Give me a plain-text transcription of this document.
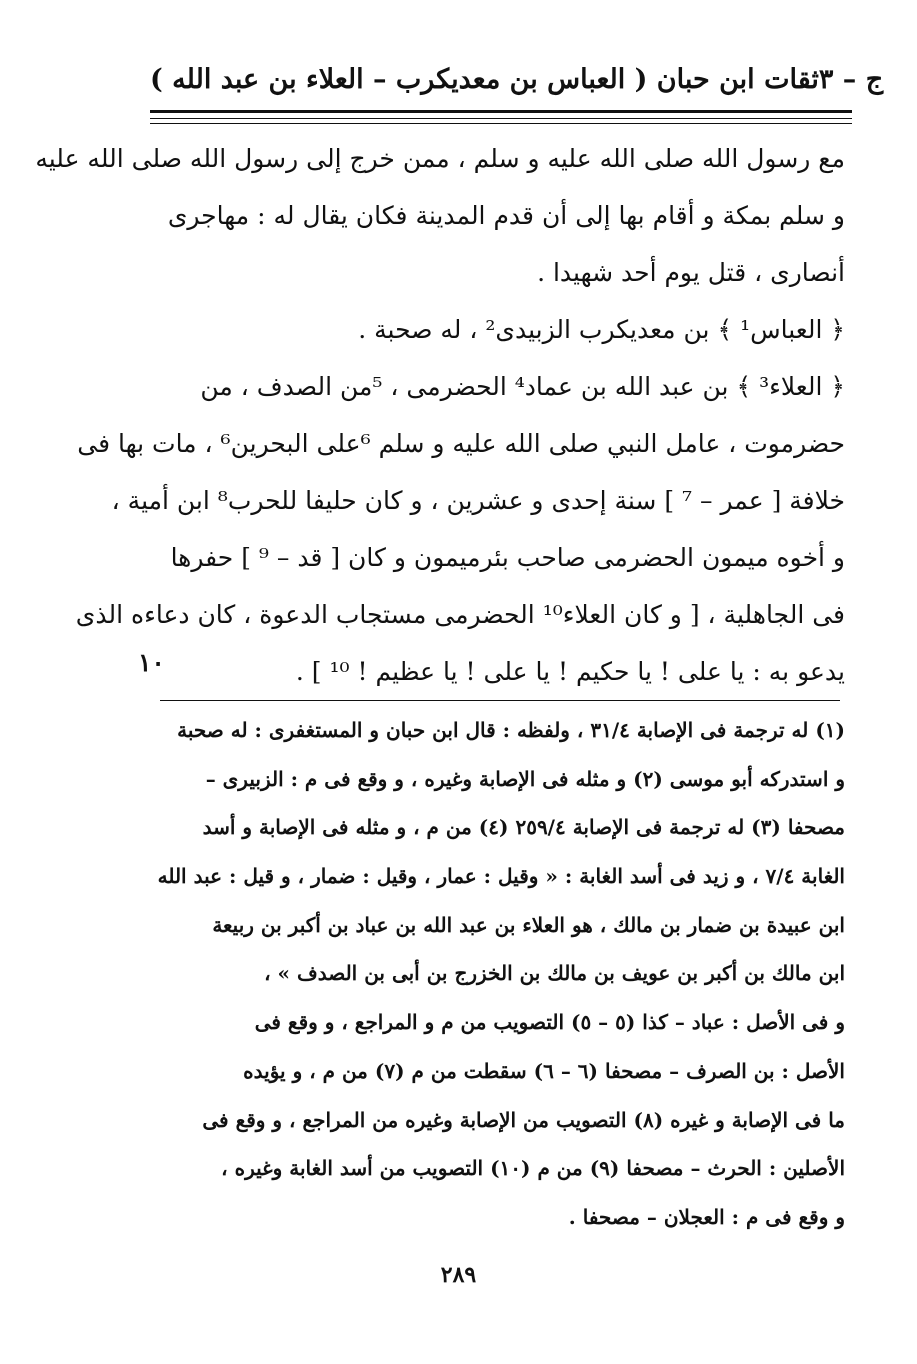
ثقات ابن حبان ( العباس بن معديكرب – العلاء بن عبد الله ) ج – ٣
مع رسول الله صلى الله عليه و سلم ، ممن خرج إلى رسول الله صلى الله عليه
و سلم بمكة و أقام بها إلى أن قدم المدينة فكان يقال له : مهاجرى
أنصارى ، قتل يوم أحد شهيدا .
﴿ العباس¹ ﴾ بن معديكرب الزبيدى² ، له صحبة .
﴿ العلاء³ ﴾ بن عبد الله بن عماد⁴ الحضرمى ، ⁵من الصدف ، من
حضرموت ، عامل النبي صلى الله عليه و سلم ⁶على البحرين⁶ ، مات بها فى
خلافة [ عمر – ⁷ ] سنة إحدى و عشرين ، و كان حليفا للحرب⁸ ابن أمية ،
و أخوه ميمون الحضرمى صاحب بئرميمون و كان [ قد – ⁹ ] حفرها
فى الجاهلية ، [ و كان العلاء¹⁰ الحضرمى مستجاب الدعوة ، كان دعاءه الذى
يدعو به : يا على ! يا حكيم ! يا على ! يا عظيم ! ¹⁰ ] .
١٠
(١) له ترجمة فى الإصابة ٣١/٤ ، ولفظه : قال ابن حبان و المستغفرى : له صحبة
و استدركه أبو موسى (٢) و مثله فى الإصابة وغيره ، و وقع فى م : الزبيرى –
مصحفا (٣) له ترجمة فى الإصابة ٢٥٩/٤ (٤) من م ، و مثله فى الإصابة و أسد
الغابة ٧/٤ ، و زيد فى أسد الغابة : « وقيل : عمار ، وقيل : ضمار ، و قيل : عبد الله
ابن عبيدة بن ضمار بن مالك ، هو العلاء بن عبد الله بن عباد بن أكبر بن ربيعة
ابن مالك بن أكبر بن عويف بن مالك بن الخزرج بن أبى بن الصدف » ،
و فى الأصل : عباد – كذا (٥ – ٥) التصويب من م و المراجع ، و وقع فى
الأصل : بن الصرف – مصحفا (٦ – ٦) سقطت من م (٧) من م ، و يؤيده
ما فى الإصابة و غيره (٨) التصويب من الإصابة وغيره من المراجع ، و وقع فى
الأصلين : الحرث – مصحفا (٩) من م (١٠) التصويب من أسد الغابة وغيره ،
و وقع فى م : العجلان – مصحفا .
٢٨٩
